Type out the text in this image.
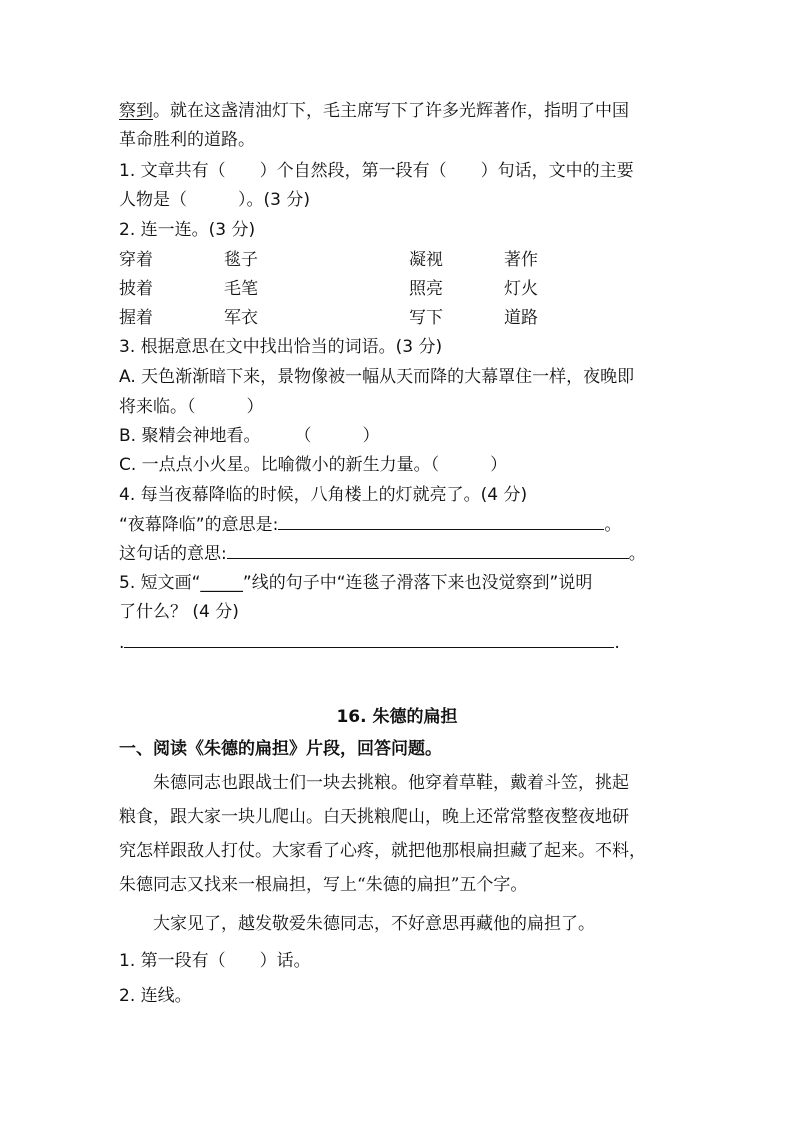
察到。就在这盏清油灯下，毛主席写下了许多光辉著作，指明了中国
革命胜利的道路。
1. 文章共有（　　）个自然段，第一段有（　　）句话，文中的主要
人物是（　　　）。(3 分)
2. 连一连。(3 分)
穿着	毯子	凝视	著作
披着	毛笔	照亮	灯火
握着	军衣	写下	道路
3. 根据意思在文中找出恰当的词语。(3 分)
A. 天色渐渐暗下来，景物像被一幅从天而降的大幕罩住一样，夜晚即
将来临。（　　　）
B. 聚精会神地看。　　　（　　　）
C. 一点点小火星。比喻微小的新生力量。（　　　）
4. 每当夜幕降临的时候，八角楼上的灯就亮了。(4 分)
“夜幕降临”的意思是:	。
这句话的意思:	。
5. 短文画“_____”线的句子中“连毯子滑落下来也没觉察到”说明
了什么？ (4 分)
.	.
16. 朱德的扁担
一、阅读《朱德的扁担》片段，回答问题。
　　朱德同志也跟战士们一块去挑粮。他穿着草鞋，戴着斗笠，挑起
粮食，跟大家一块儿爬山。白天挑粮爬山，晚上还常常整夜整夜地研
究怎样跟敌人打仗。大家看了心疼，就把他那根扁担藏了起来。不料，
朱德同志又找来一根扁担，写上“朱德的扁担”五个字。
　　大家见了，越发敬爱朱德同志，不好意思再藏他的扁担了。
1. 第一段有（　　）话。
2. 连线。
